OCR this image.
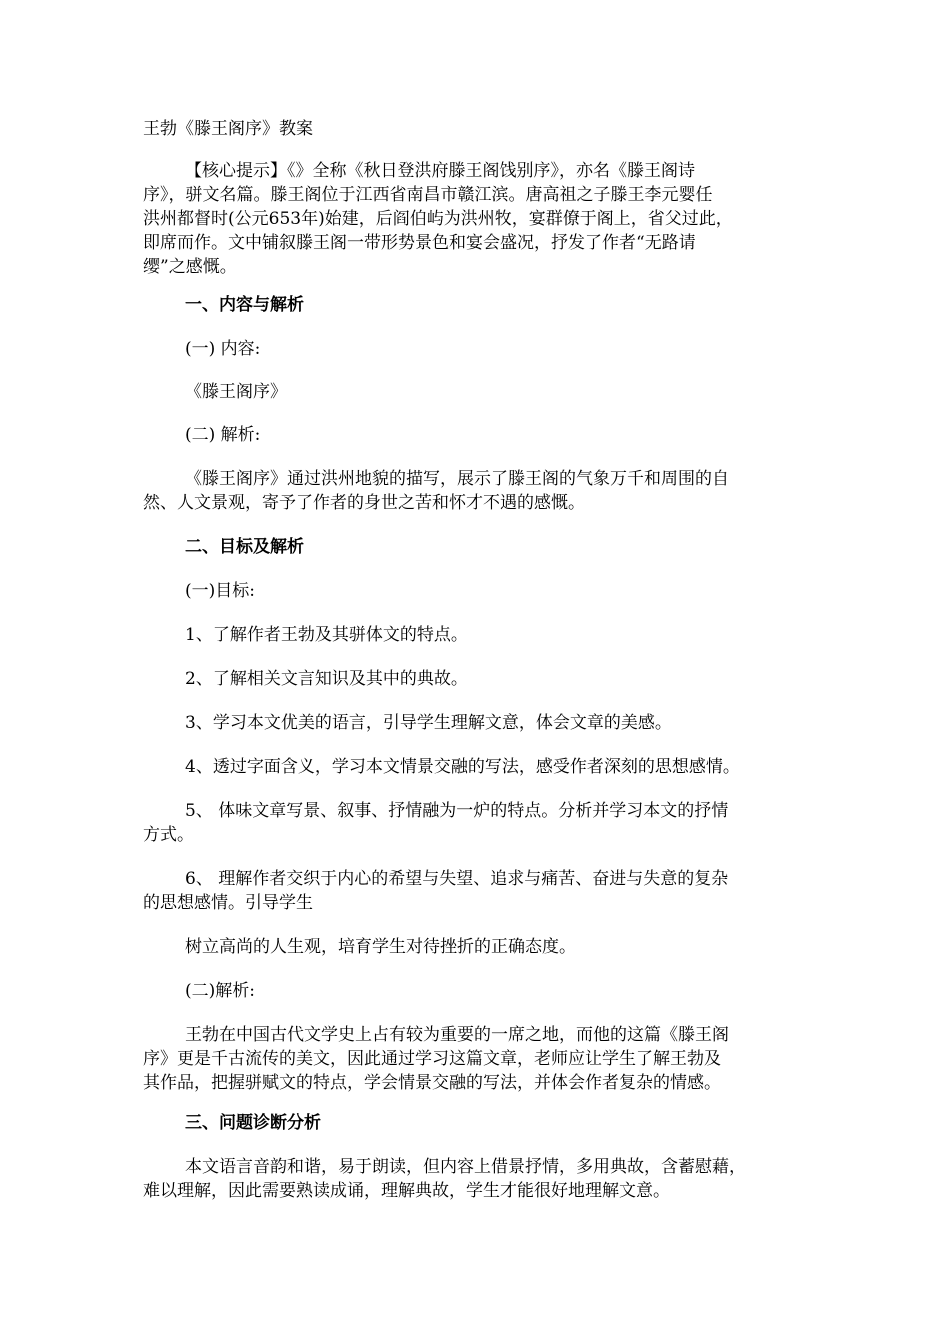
王勃《滕王阁序》教案

【核心提示】《》全称《秋日登洪府滕王阁饯别序》，亦名《滕王阁诗

序》，骈文名篇。滕王阁位于江西省南昌市赣江滨。唐高祖之子滕王李元婴任

洪州都督时(公元653年)始建，后阎伯屿为洪州牧，宴群僚于阁上，省父过此，

即席而作。文中铺叙滕王阁一带形势景色和宴会盛况，抒发了作者“无路请

缨”之感慨。

一、内容与解析

(一) 内容:

《滕王阁序》

(二) 解析:

《滕王阁序》通过洪州地貌的描写，展示了滕王阁的气象万千和周围的自

然、人文景观，寄予了作者的身世之苦和怀才不遇的感慨。

二、目标及解析

(一)目标:

1、了解作者王勃及其骈体文的特点。

2、了解相关文言知识及其中的典故。

3、学习本文优美的语言，引导学生理解文意，体会文章的美感。

4、透过字面含义，学习本文情景交融的写法，感受作者深刻的思想感情。

5、 体味文章写景、叙事、抒情融为一炉的特点。分析并学习本文的抒情

方式。

6、 理解作者交织于内心的希望与失望、追求与痛苦、奋进与失意的复杂

的思想感情。引导学生

树立高尚的人生观，培育学生对待挫折的正确态度。

(二)解析:

王勃在中国古代文学史上占有较为重要的一席之地，而他的这篇《滕王阁

序》更是千古流传的美文，因此通过学习这篇文章，老师应让学生了解王勃及

其作品，把握骈赋文的特点，学会情景交融的写法，并体会作者复杂的情感。

三、问题诊断分析

本文语言音韵和谐，易于朗读，但内容上借景抒情，多用典故，含蓄慰藉，

难以理解，因此需要熟读成诵，理解典故，学生才能很好地理解文意。
